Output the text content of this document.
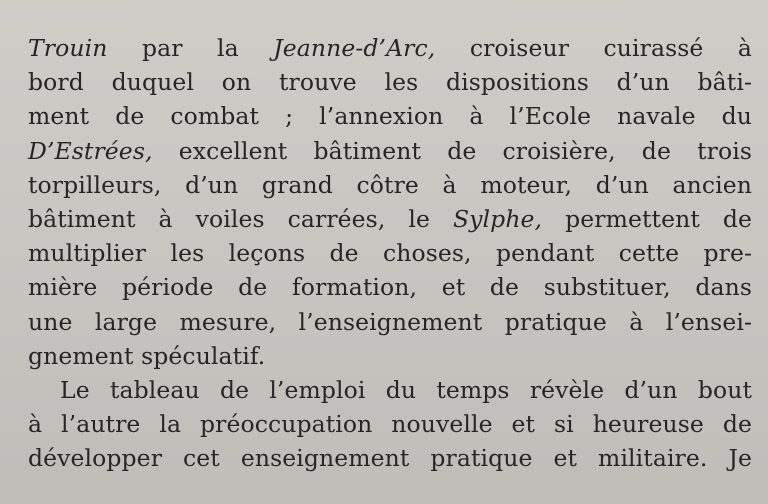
Trouin par la Jeanne-d’Arc, croiseur cuirassé à
bord duquel on trouve les dispositions d’un bâti-
ment de combat ; l’annexion à l’Ecole navale du
D’Estrées, excellent bâtiment de croisière, de trois
torpilleurs, d’un grand côtre à moteur, d’un ancien
bâtiment à voiles carrées, le Sylphe, permettent de
multiplier les leçons de choses, pendant cette pre-
mière période de formation, et de substituer, dans
une large mesure, l’enseignement pratique à l’ensei-
gnement spéculatif.
Le tableau de l’emploi du temps révèle d’un bout
à l’autre la préoccupation nouvelle et si heureuse de
développer cet enseignement pratique et militaire. Je
